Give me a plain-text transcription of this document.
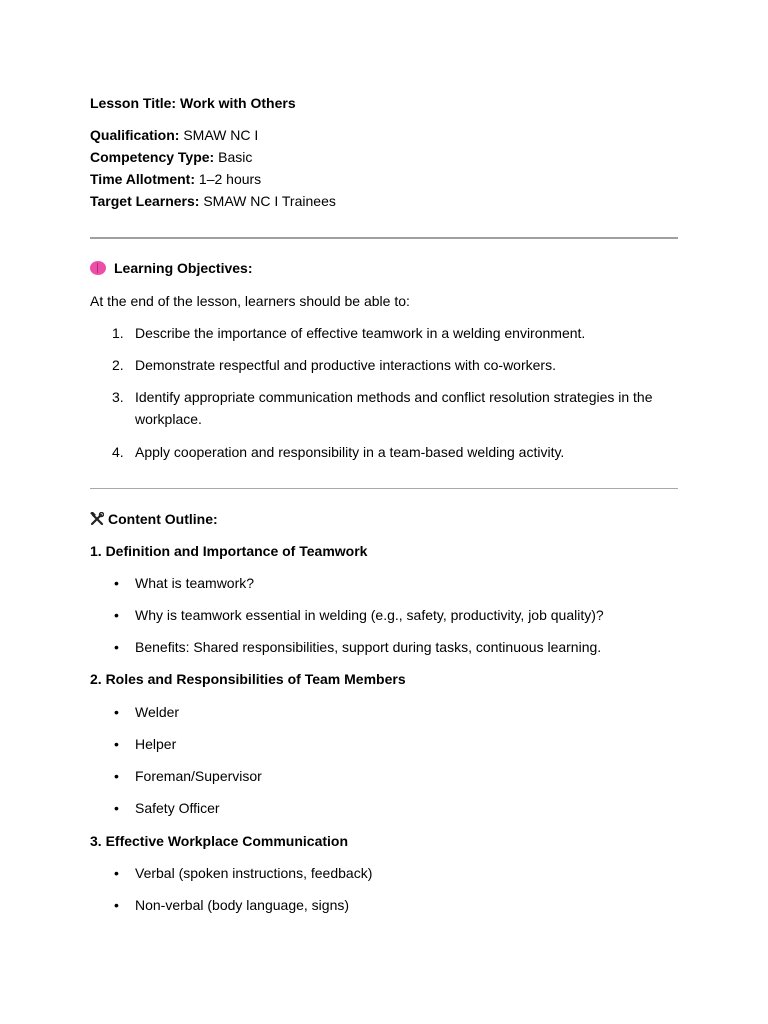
Lesson Title: Work with Others
Qualification: SMAW NC I
Competency Type: Basic
Time Allotment: 1–2 hours
Target Learners: SMAW NC I Trainees
Learning Objectives:
At the end of the lesson, learners should be able to:
1. Describe the importance of effective teamwork in a welding environment.
2. Demonstrate respectful and productive interactions with co-workers.
3. Identify appropriate communication methods and conflict resolution strategies in the workplace.
4. Apply cooperation and responsibility in a team-based welding activity.
Content Outline:
1. Definition and Importance of Teamwork
• What is teamwork?
• Why is teamwork essential in welding (e.g., safety, productivity, job quality)?
• Benefits: Shared responsibilities, support during tasks, continuous learning.
2. Roles and Responsibilities of Team Members
• Welder
• Helper
• Foreman/Supervisor
• Safety Officer
3. Effective Workplace Communication
• Verbal (spoken instructions, feedback)
• Non-verbal (body language, signs)
